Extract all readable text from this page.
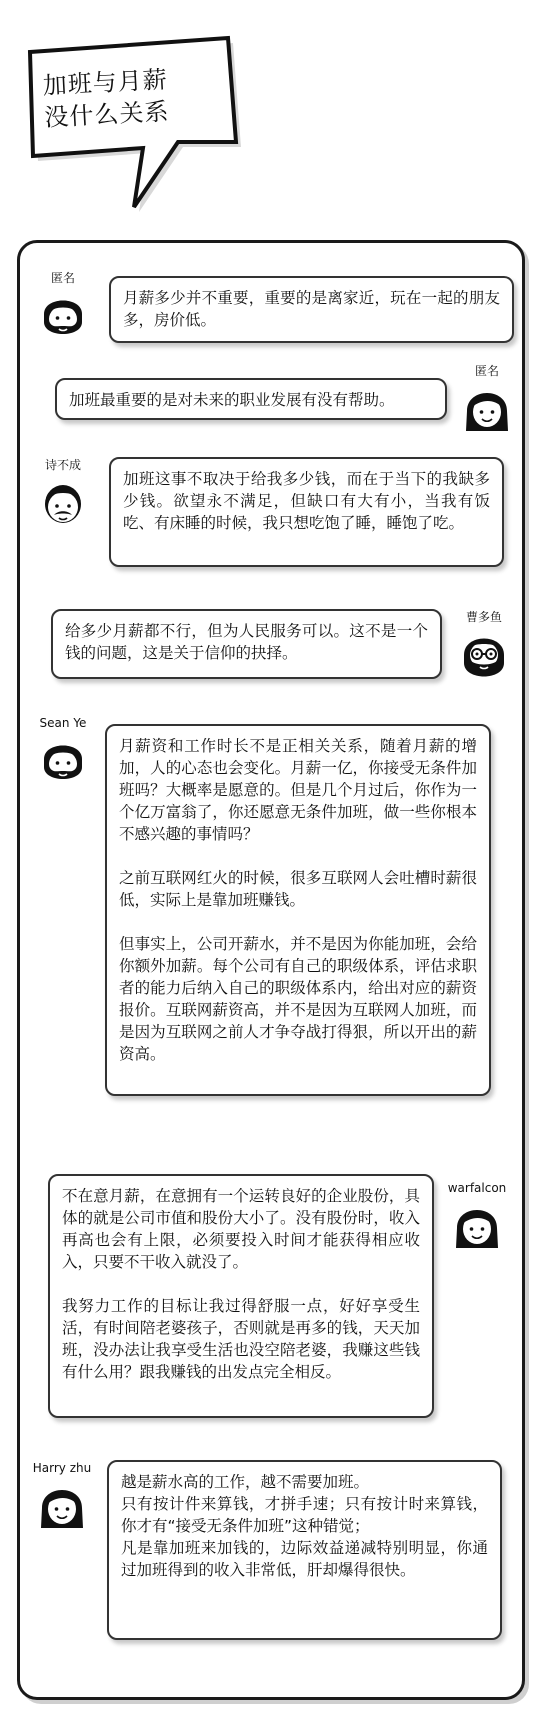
加班与月薪
没什么关系
匿名

月薪多少并不重要，重要的是离家近，玩在一起的朋友多，房价低。

匿名

加班最重要的是对未来的职业发展有没有帮助。

诗不成

加班这事不取决于给我多少钱，而在于当下的我缺多少钱。欲望永不满足，但缺口有大有小，当我有饭吃、有床睡的时候，我只想吃饱了睡，睡饱了吃。

曹多鱼

给多少月薪都不行，但为人民服务可以。这不是一个钱的问题，这是关于信仰的抉择。

Sean Ye

月薪资和工作时长不是正相关关系，随着月薪的增加，人的心态也会变化。月薪一亿，你接受无条件加班吗？大概率是愿意的。但是几个月过后，你作为一个亿万富翁了，你还愿意无条件加班，做一些你根本不感兴趣的事情吗？

之前互联网红火的时候，很多互联网人会吐槽时薪很低，实际上是靠加班赚钱。

但事实上，公司开薪水，并不是因为你能加班，会给你额外加薪。每个公司有自己的职级体系，评估求职者的能力后纳入自己的职级体系内，给出对应的薪资报价。互联网薪资高，并不是因为互联网人加班，而是因为互联网之前人才争夺战打得狠，所以开出的薪资高。

warfalcon

不在意月薪，在意拥有一个运转良好的企业股份，具体的就是公司市值和股份大小了。没有股份时，收入再高也会有上限，必须要投入时间才能获得相应收入，只要不干收入就没了。

我努力工作的目标让我过得舒服一点，好好享受生活，有时间陪老婆孩子，否则就是再多的钱，天天加班，没办法让我享受生活也没空陪老婆，我赚这些钱有什么用？跟我赚钱的出发点完全相反。

Harry zhu

越是薪水高的工作，越不需要加班。
只有按计件来算钱，才拼手速；只有按计时来算钱，你才有“接受无条件加班”这种错觉；
凡是靠加班来加钱的，边际效益递减特别明显，你通过加班得到的收入非常低，肝却爆得很快。
